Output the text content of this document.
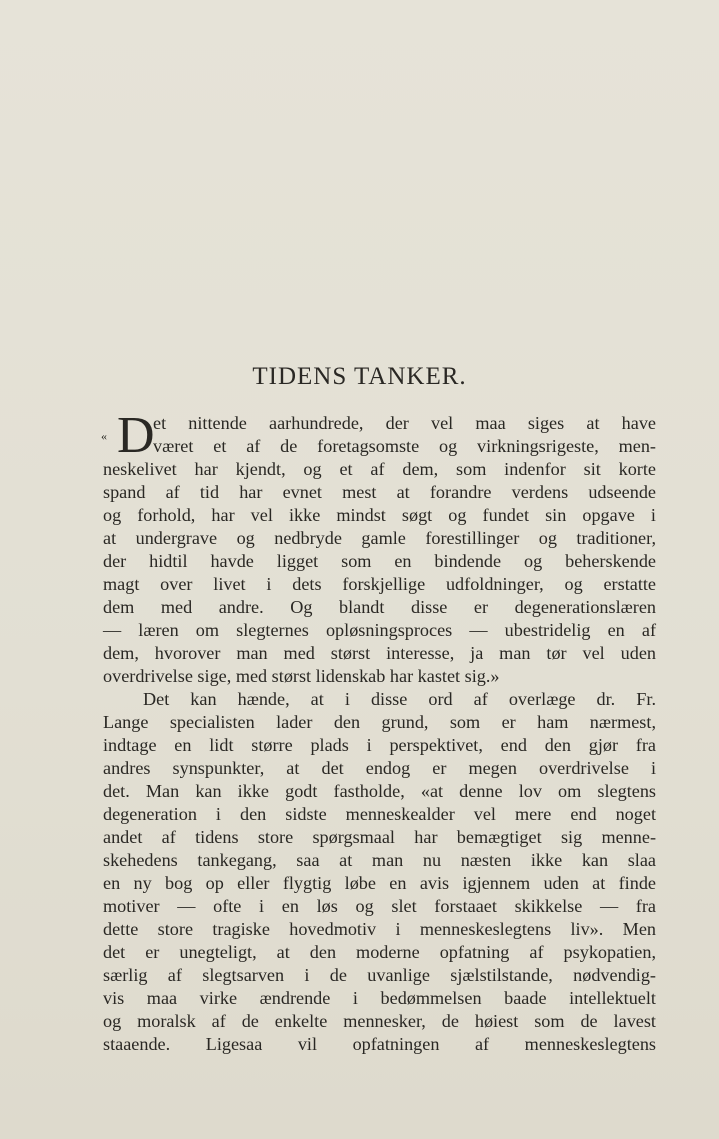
TIDENS TANKER.
« D
et nittende aarhundrede, der vel maa siges at have
været et af de foretagsomste og virkningsrigeste, men-
neskelivet har kjendt, og et af dem, som indenfor sit korte
spand af tid har evnet mest at forandre verdens udseende
og forhold, har vel ikke mindst søgt og fundet sin opgave i
at undergrave og nedbryde gamle forestillinger og traditioner,
der hidtil havde ligget som en bindende og beherskende
magt over livet i dets forskjellige udfoldninger, og erstatte
dem med andre. Og blandt disse er degenerationslæren
— læren om slegternes opløsningsproces — ubestridelig en af
dem, hvorover man med størst interesse, ja man tør vel uden
overdrivelse sige, med størst lidenskab har kastet sig.»
Det kan hænde, at i disse ord af overlæge dr. Fr.
Lange specialisten lader den grund, som er ham nærmest,
indtage en lidt større plads i perspektivet, end den gjør fra
andres synspunkter, at det endog er megen overdrivelse i
det. Man kan ikke godt fastholde, «at denne lov om slegtens
degeneration i den sidste menneskealder vel mere end noget
andet af tidens store spørgsmaal har bemægtiget sig menne-
skehedens tankegang, saa at man nu næsten ikke kan slaa
en ny bog op eller flygtig løbe en avis igjennem uden at finde
motiver — ofte i en løs og slet forstaaet skikkelse — fra
dette store tragiske hovedmotiv i menneskeslegtens liv». Men
det er unegteligt, at den moderne opfatning af psykopatien,
særlig af slegtsarven i de uvanlige sjælstilstande, nødvendig-
vis maa virke ændrende i bedømmelsen baade intellektuelt
og moralsk af de enkelte mennesker, de høiest som de lavest
staaende. Ligesaa vil opfatningen af menneskeslegtens
